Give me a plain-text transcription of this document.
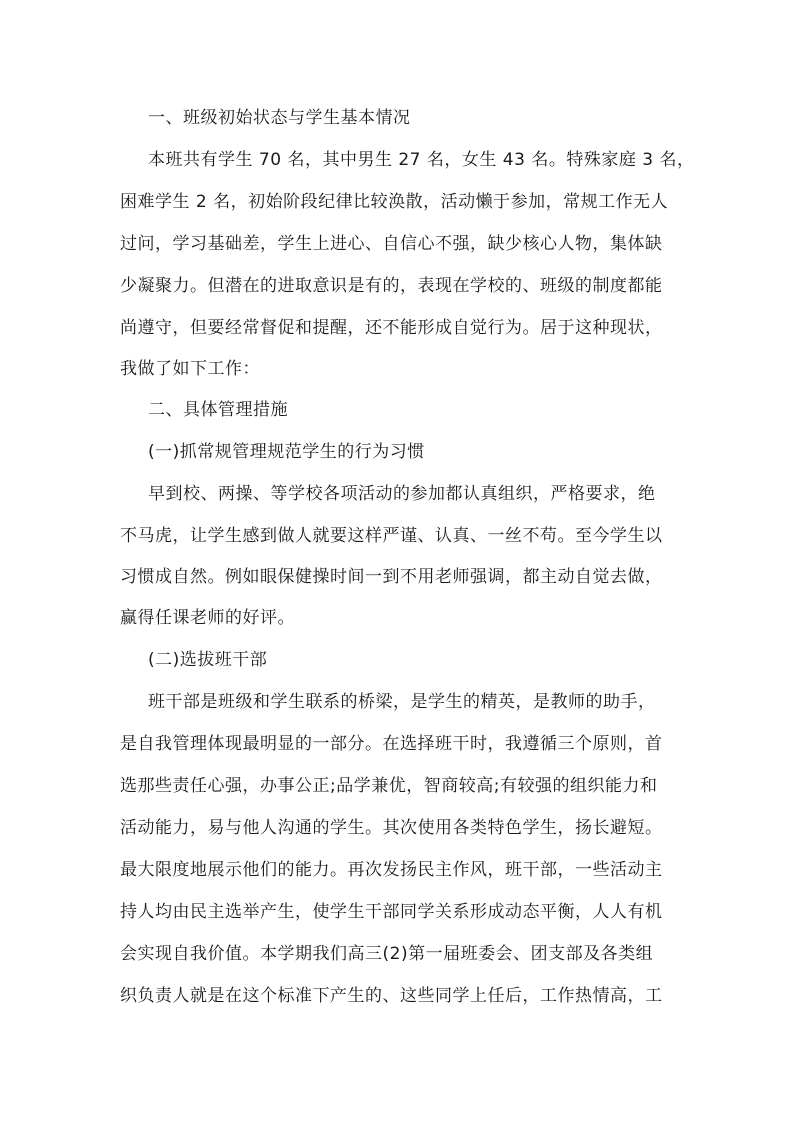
一、班级初始状态与学生基本情况
本班共有学生 70 名，其中男生 27 名，女生 43 名。特殊家庭 3 名，
困难学生 2 名，初始阶段纪律比较涣散，活动懒于参加，常规工作无人
过问，学习基础差，学生上进心、自信心不强，缺少核心人物，集体缺
少凝聚力。但潜在的进取意识是有的，表现在学校的、班级的制度都能
尚遵守，但要经常督促和提醒，还不能形成自觉行为。居于这种现状，
我做了如下工作：
二、具体管理措施
(一)抓常规管理规范学生的行为习惯
早到校、两操、等学校各项活动的参加都认真组织，严格要求，绝
不马虎，让学生感到做人就要这样严谨、认真、一丝不苟。至今学生以
习惯成自然。例如眼保健操时间一到不用老师强调，都主动自觉去做，
赢得任课老师的好评。
(二)选拔班干部
班干部是班级和学生联系的桥梁，是学生的精英，是教师的助手，
是自我管理体现最明显的一部分。在选择班干时，我遵循三个原则，首
选那些责任心强，办事公正;品学兼优，智商较高;有较强的组织能力和
活动能力，易与他人沟通的学生。其次使用各类特色学生，扬长避短。
最大限度地展示他们的能力。再次发扬民主作风，班干部，一些活动主
持人均由民主选举产生，使学生干部同学关系形成动态平衡，人人有机
会实现自我价值。本学期我们高三(2)第一届班委会、团支部及各类组
织负责人就是在这个标准下产生的、这些同学上任后，工作热情高，工
